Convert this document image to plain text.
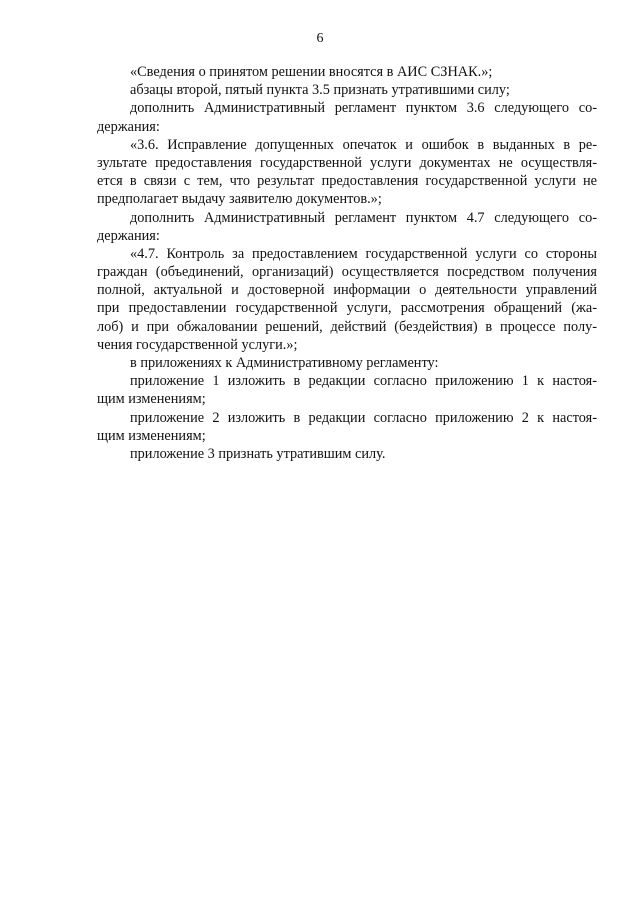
6
«Сведения о принятом решении вносятся в АИС СЗНАК.»;
абзацы второй, пятый пункта 3.5 признать утратившими силу;
дополнить Административный регламент пунктом 3.6 следующего со-
держания:
«3.6. Исправление допущенных опечаток и ошибок в выданных в ре-
зультате предоставления государственной услуги документах не осуществля-
ется в связи с тем, что результат предоставления государственной услуги не
предполагает выдачу заявителю документов.»;
дополнить Административный регламент пунктом 4.7 следующего со-
держания:
«4.7. Контроль за предоставлением государственной услуги со стороны
граждан (объединений, организаций) осуществляется посредством получения
полной, актуальной и достоверной информации о деятельности управлений
при предоставлении государственной услуги, рассмотрения обращений (жа-
лоб) и при обжаловании решений, действий (бездействия) в процессе полу-
чения государственной услуги.»;
в приложениях к Административному регламенту:
приложение 1 изложить в редакции согласно приложению 1 к настоя-
щим изменениям;
приложение 2 изложить в редакции согласно приложению 2 к настоя-
щим изменениям;
приложение 3 признать утратившим силу.
